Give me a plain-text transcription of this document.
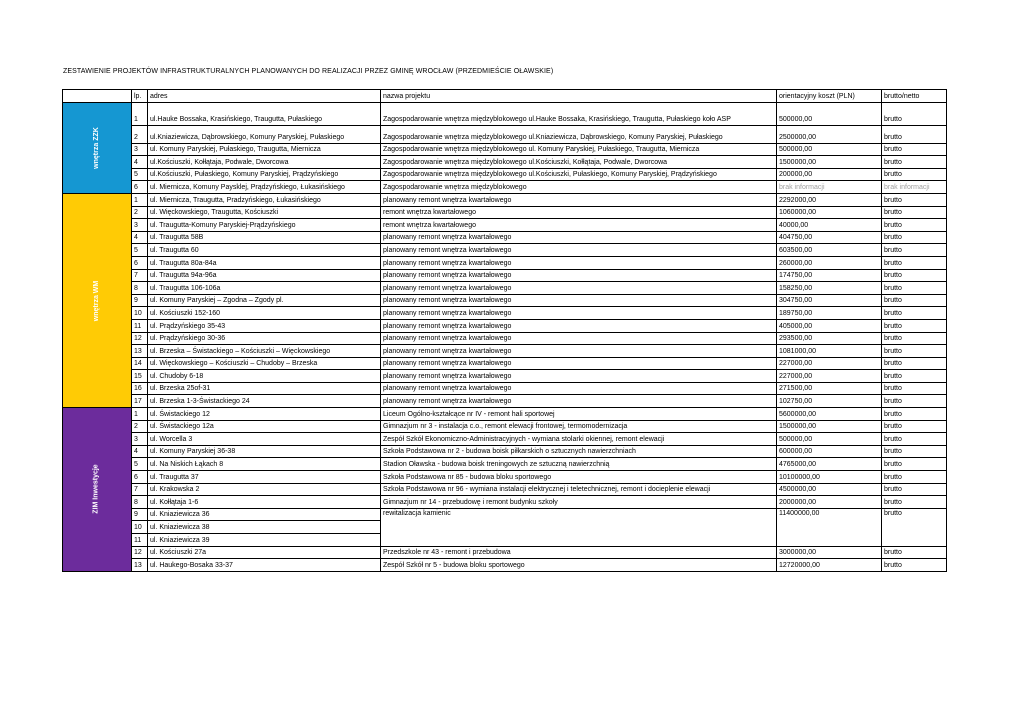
ZESTAWIENIE PROJEKTÓW INFRASTRUKTURALNYCH PLANOWANYCH DO REALIZACJI PRZEZ GMINĘ WROCŁAW (PRZEDMIEŚCIE OŁAWSKIE)
	lp.	adres	nazwa projektu	orientacyjny koszt (PLN)	brutto/netto
wnętrza ZZK	1	ul.Hauke Bossaka, Krasińskiego, Traugutta, Pułaskiego	Zagospodarowanie wnętrza międzyblokowego ul.Hauke Bossaka, Krasińskiego, Traugutta, Pułaskiego koło ASP	500000,00	brutto
	2	ul.Kniaziewicza, Dąbrowskiego, Komuny Paryskiej, Pułaskiego	Zagospodarowanie wnętrza międzyblokowego ul.Kniaziewicza, Dąbrowskiego, Komuny Paryskiej, Pułaskiego	2500000,00	brutto
	3	ul. Komuny Paryskiej, Pułaskiego, Traugutta, Miernicza	Zagospodarowanie wnętrza międzyblokowego ul. Komuny Paryskiej, Pułaskiego, Traugutta, Miernicza	500000,00	brutto
	4	ul.Kościuszki, Kołłątaja, Podwale, Dworcowa	Zagospodarowanie wnętrza międzyblokowego ul.Kościuszki, Kołłątaja, Podwale, Dworcowa	1500000,00	brutto
	5	ul.Kościuszki, Pułaskiego, Komuny Paryskiej, Prądzyńskiego	Zagospodarowanie wnętrza międzyblokowego ul.Kościuszki, Pułaskiego, Komuny Paryskiej, Prądzyńskiego	200000,00	brutto
	6	ul. Miernicza, Komuny Paysklej, Prądzyńskiego, Łukasińskiego	Zagospodarowanie wnętrza międzyblokowego	brak informacji	brak informacji
wnętrza WM	1	ul. Miernicza, Traugutta, Pradzyńskiego, Łukasińskiego	planowany remont wnętrza kwartałowego	2292000,00	brutto
	2	ul. Więckowskiego, Traugutta, Kościuszki	remont wnętrza kwartałowego	1060000,00	brutto
	3	ul. Traugutta-Komuny Paryskiej-Prądzyńskiego	remont wnętrza kwartałowego	40000,00	brutto
	4	ul. Traugutta 58B	planowany remont wnętrza kwartałowego	404750,00	brutto
	5	ul. Traugutta 60	planowany remont wnętrza kwartałowego	603500,00	brutto
	6	ul. Traugutta 80a-84a	planowany remont wnętrza kwartałowego	260000,00	brutto
	7	ul. Traugutta 94a-96a	planowany remont wnętrza kwartałowego	174750,00	brutto
	8	ul. Traugutta 106-106a	planowany remont wnętrza kwartałowego	158250,00	brutto
	9	ul. Komuny Paryskiej – Zgodna – Zgody pl.	planowany remont wnętrza kwartałowego	304750,00	brutto
	10	ul. Kościuszki 152-160	planowany remont wnętrza kwartałowego	189750,00	brutto
	11	ul. Prądzyńskiego 35-43	planowany remont wnętrza kwartałowego	405000,00	brutto
	12	ul. Prądzyńskiego 30-36	planowany remont wnętrza kwartałowego	293500,00	brutto
	13	ul. Brzeska – Świstackiego – Kościuszki – Więckowskiego	planowany remont wnętrza kwartałowego	1081000,00	brutto
	14	ul. Więckowskiego – Kościuszki – Chudoby – Brzeska	planowany remont wnętrza kwartałowego	227000,00	brutto
	15	ul. Chudoby 6-18	planowany remont wnętrza kwartałowego	227000,00	brutto
	16	ul. Brzeska 25of-31	planowany remont wnętrza kwartałowego	271500,00	brutto
	17	ul. Brzeska 1-3-Świstackiego 24	planowany remont wnętrza kwartałowego	102750,00	brutto
ZIM Inwestycje	1	ul. Świstackiego 12	Liceum Ogólno-kształcące nr IV - remont hali sportowej	5600000,00	brutto
	2	ul. Świstackiego 12a	Gimnazjum nr 3 - instalacja c.o., remont elewacji frontowej, termomodernizacja	1500000,00	brutto
	3	ul. Worcella 3	Zespół Szkół Ekonomiczno-Administracyjnych - wymiana stolarki okiennej, remont elewacji	500000,00	brutto
	4	ul. Komuny Paryskiej 36-38	Szkoła Podstawowa nr 2 - budowa boisk piłkarskich o sztucznych nawierzchniach	600000,00	brutto
	5	ul. Na Niskich Łąkach 8	Stadion Oławska - budowa boisk treningowych ze sztuczną nawierzchnią	4765000,00	brutto
	6	ul. Traugutta 37	Szkoła Podstawowa nr 85 - budowa bloku sportowego	10100000,00	brutto
	7	ul. Krakowska 2	Szkoła Podstawowa nr 96 - wymiana instalacji elektrycznej i teletechnicznej, remont i docieplenie elewacji	4500000,00	brutto
	8	ul. Kołłątaja 1-6	Gimnazjum nr 14 - przebudowę i remont budynku szkoły	2000000,00	brutto
	9	ul. Kniaziewicza 36	rewitalizacja kamienic	11400000,00	brutto
	10	ul. Kniaziewicza 38			
	11	ul. Kniaziewicza 39			
	12	ul. Kościuszki 27a	Przedszkole nr 43 - remont i przebudowa	3000000,00	brutto
	13	ul. Haukego-Bosaka 33-37	Zespół Szkół nr 5 - budowa bloku sportowego	12720000,00	brutto
